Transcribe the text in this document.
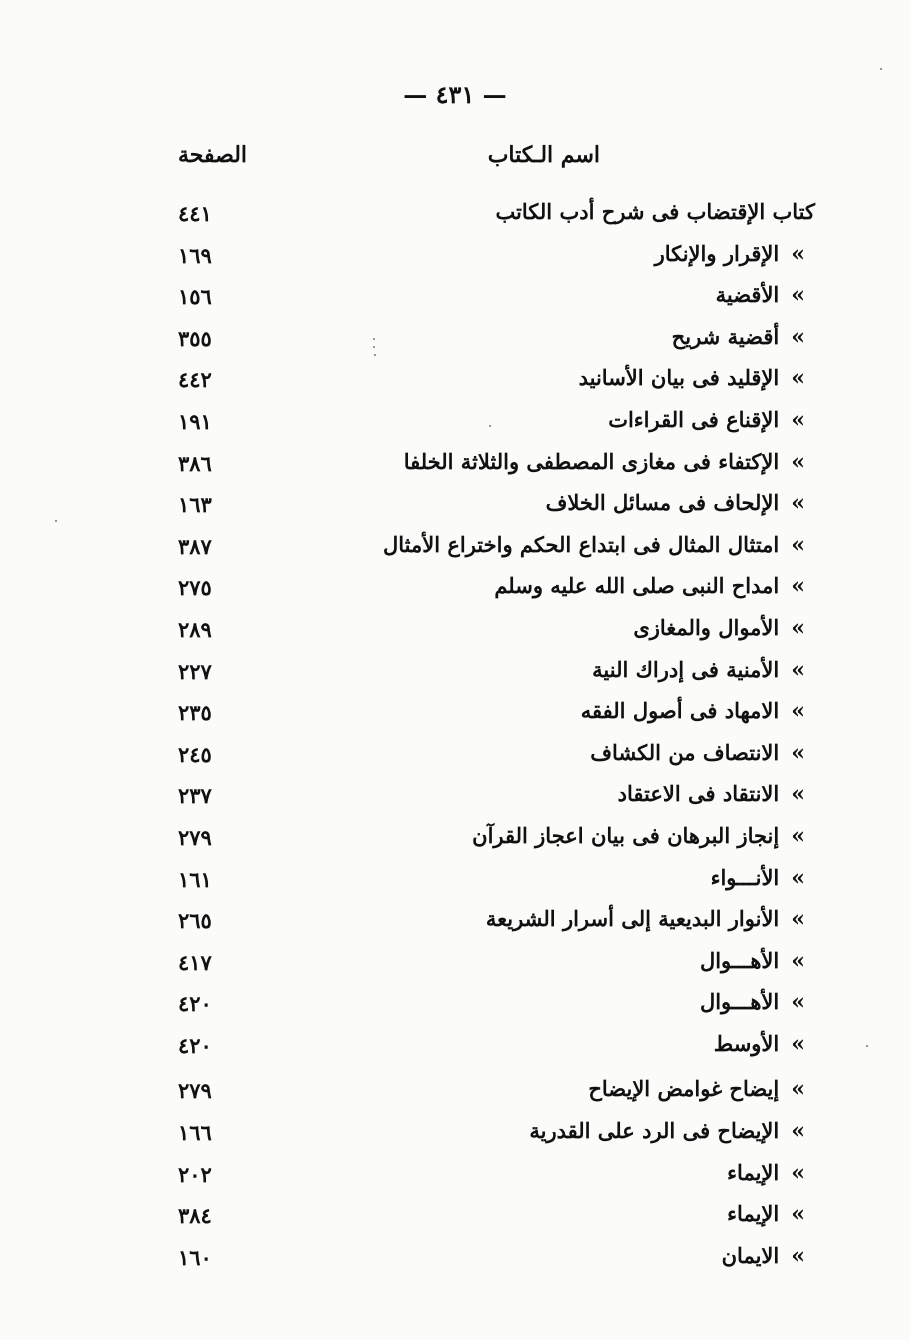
— ٤٣١ —
اسم الـكتاب
الصفحة
كتاب الإقتضاب فى شرح أدب الكاتب
٤٤١
»الإقرار والإنكار
١٦٩
»الأقضية
١٥٦
»أقضية شريح
٣٥٥
»الإقليد فى بيان الأسانيد
٤٤٢
»الإقناع فى القراءات
١٩١
»الإكتفاء فى مغازى المصطفى والثلاثة الخلفا
٣٨٦
»الإلحاف فى مسائل الخلاف
١٦٣
»امتثال المثال فى ابتداع الحكم واختراع الأمثال
٣٨٧
»امداح النبى صلى الله عليه وسلم
٢٧٥
»الأموال والمغازى
٢٨٩
»الأمنية فى إدراك النية
٢٢٧
»الامهاد فى أصول الفقه
٢٣٥
»الانتصاف من الكشاف
٢٤٥
»الانتقاد فى الاعتقاد
٢٣٧
»إنجاز البرهان فى بيان اعجاز القرآن
٢٧٩
»الأنـــواء
١٦١
»الأنوار البديعية إلى أسرار الشريعة
٢٦٥
»الأهـــوال
٤١٧
»الأهـــوال
٤٢٠
»الأوسط
٤٢٠
»إيضاح غوامض الإيضاح
٢٧٩
»الإيضاح فى الرد على القدرية
١٦٦
»الإيماء
٢٠٢
»الإيماء
٣٨٤
»الايمان
١٦٠
